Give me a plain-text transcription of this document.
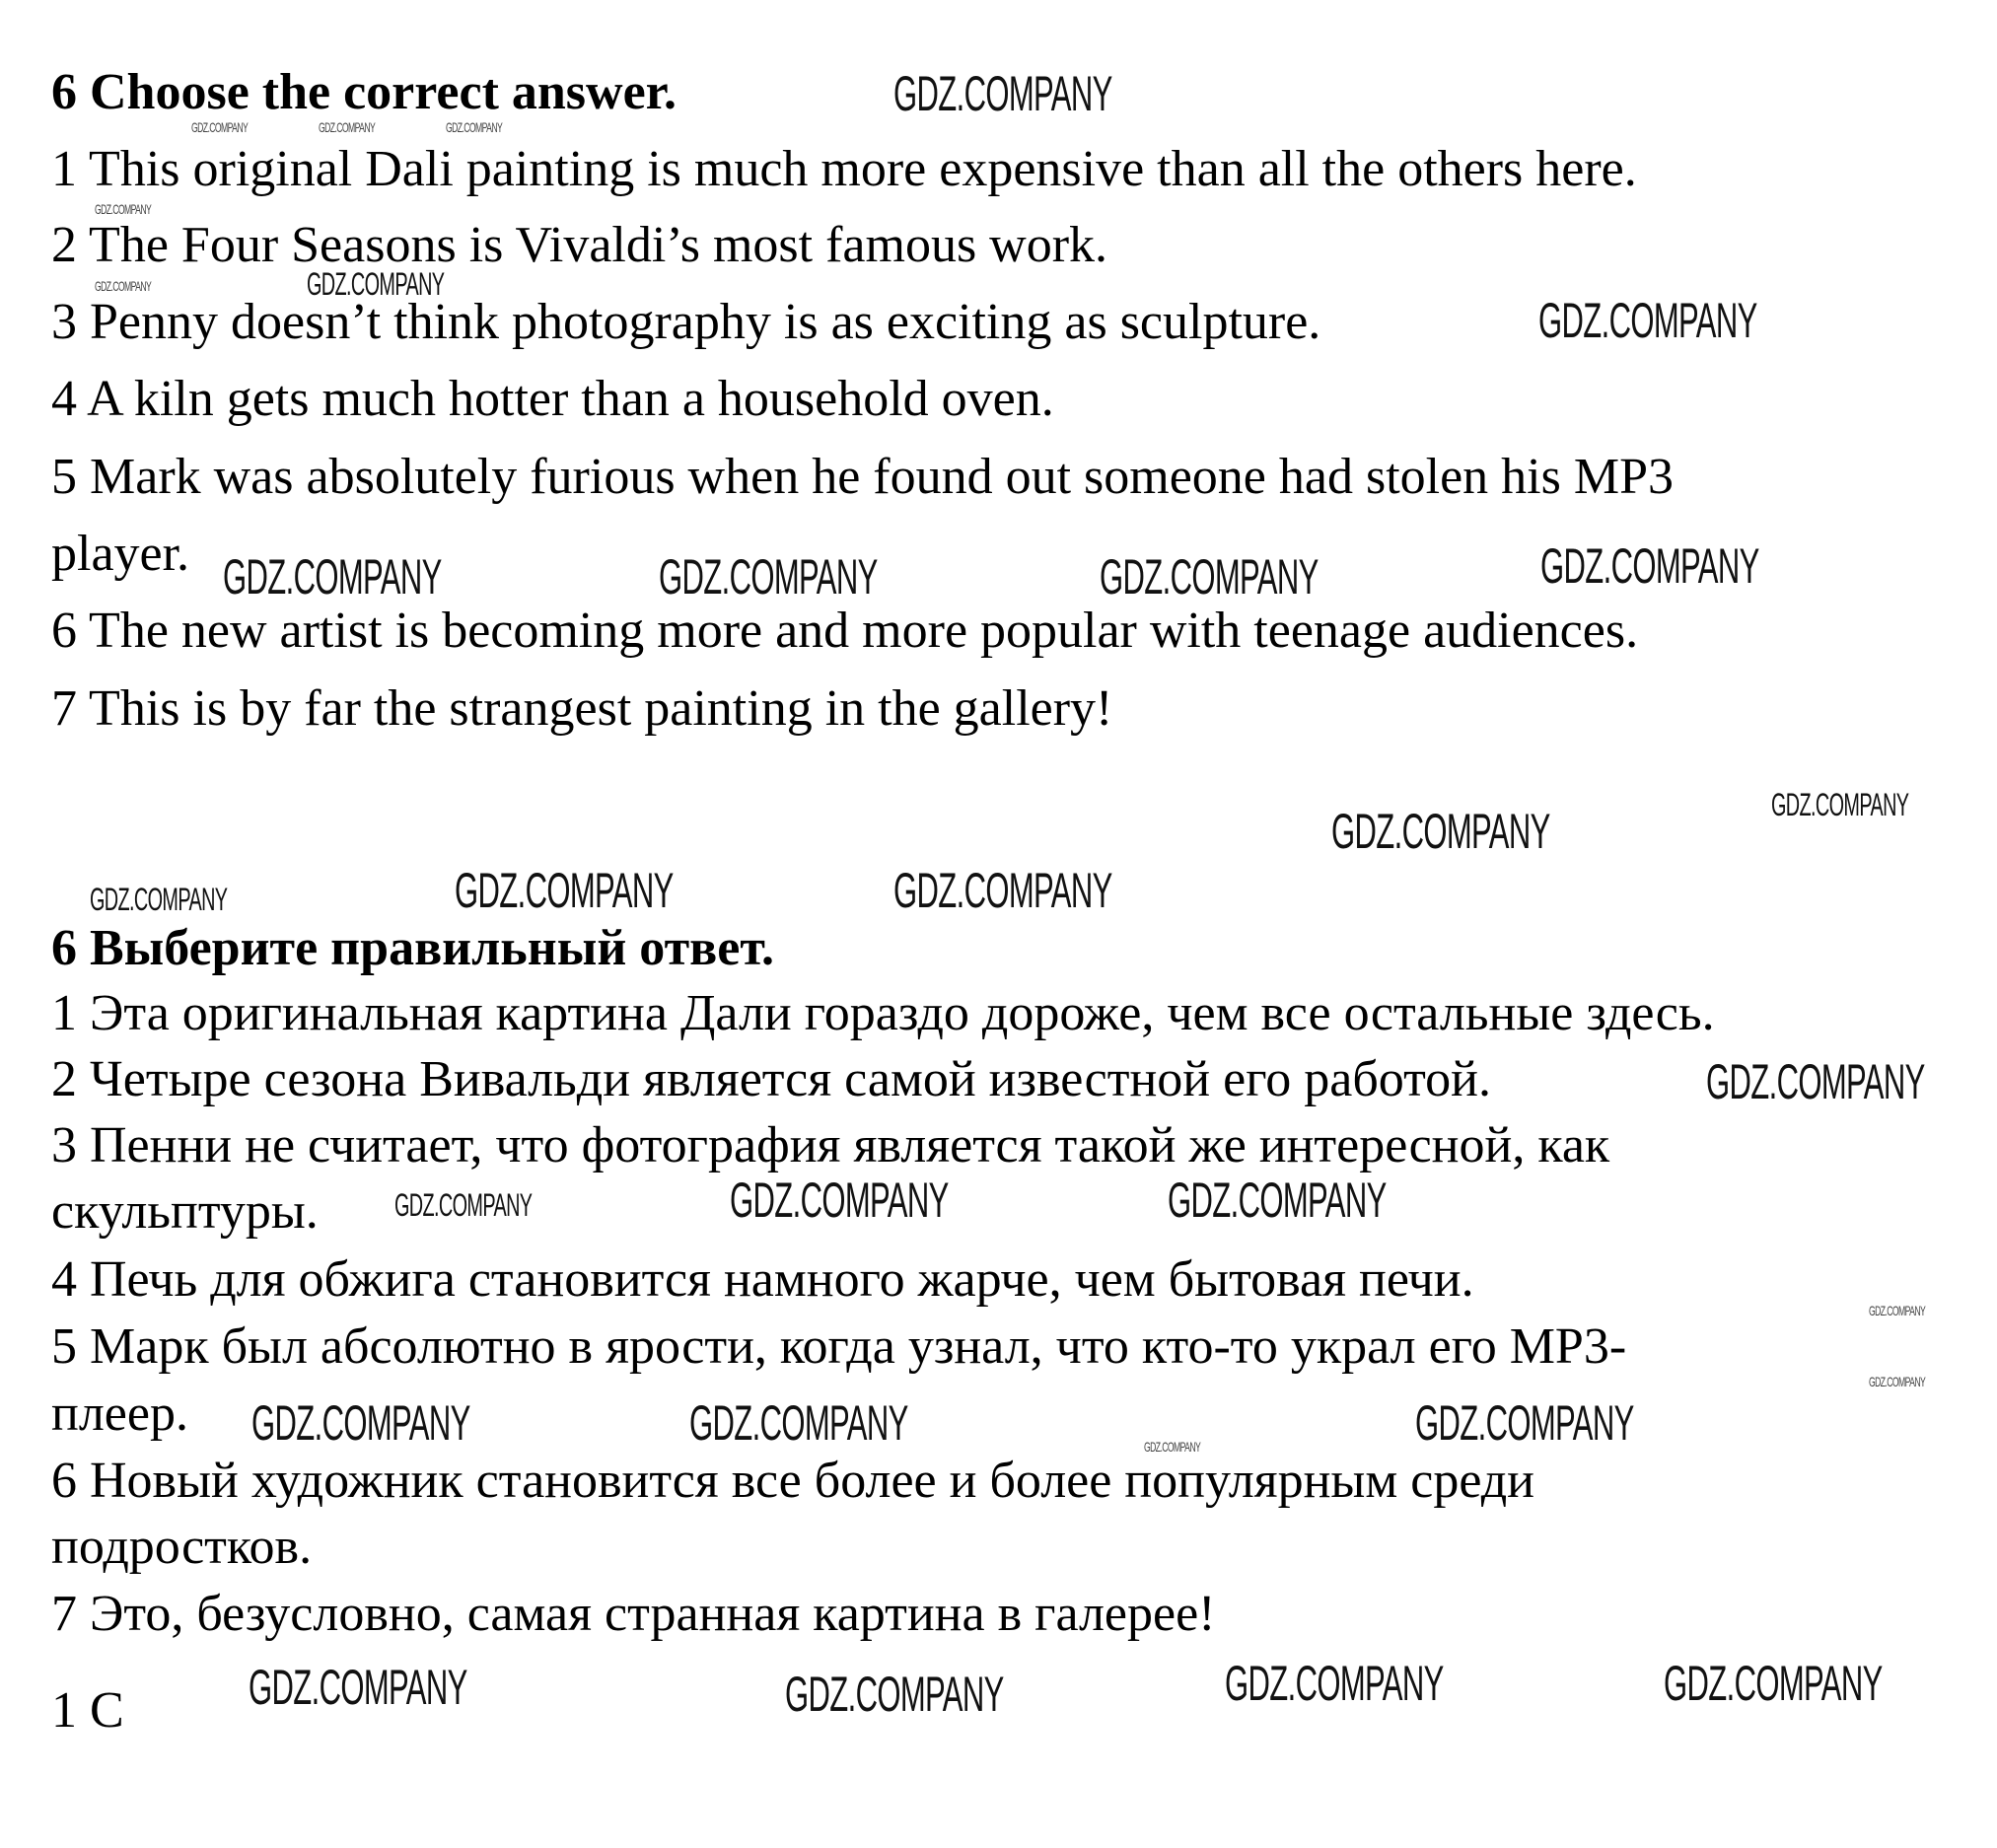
6 Choose the correct answer.
1 This original Dali painting is much more expensive than all the others here.
2 The Four Seasons is Vivaldi’s most famous work.
3 Penny doesn’t think photography is as exciting as sculpture.
4 A kiln gets much hotter than a household oven.
5 Mark was absolutely furious when he found out someone had stolen his MP3
player.
6 The new artist is becoming more and more popular with teenage audiences.
7 This is by far the strangest painting in the gallery!
6 Выберите правильный ответ.
1 Эта оригинальная картина Дали гораздо дороже, чем все остальные здесь.
2 Четыре сезона Вивальди является самой известной его работой.
3 Пенни не считает, что фотография является такой же интересной, как
скульптуры.
4 Печь для обжига становится намного жарче, чем бытовая печи.
5 Марк был абсолютно в ярости, когда узнал, что кто-то украл его МР3-
плеер.
6 Новый художник становится все более и более популярным среди
подростков.
7 Это, безусловно, самая странная картина в галерее!
1 C
GDZ.COMPANY
GDZ.COMPANY
GDZ.COMPANY
GDZ.COMPANY	GDZ.COMPANY	GDZ.COMPANY	GDZ.COMPANY
GDZ.COMPANY	GDZ.COMPANY
GDZ.COMPANY	GDZ.COMPANY	GDZ.COMPANY
GDZ.COMPANY
GDZ.COMPANY
GDZ.COMPANY
GDZ.COMPANY
GDZ.COMPANY	GDZ.COMPANY	GDZ.COMPANY
GDZ.COMPANY	GDZ.COMPANY	GDZ.COMPANY	GDZ.COMPANY
GDZ.COMPANY	GDZ.COMPANY	GDZ.COMPANY
GDZ.COMPANY
GDZ.COMPANY
GDZ.COMPANY
GDZ.COMPANY
GDZ.COMPANY
